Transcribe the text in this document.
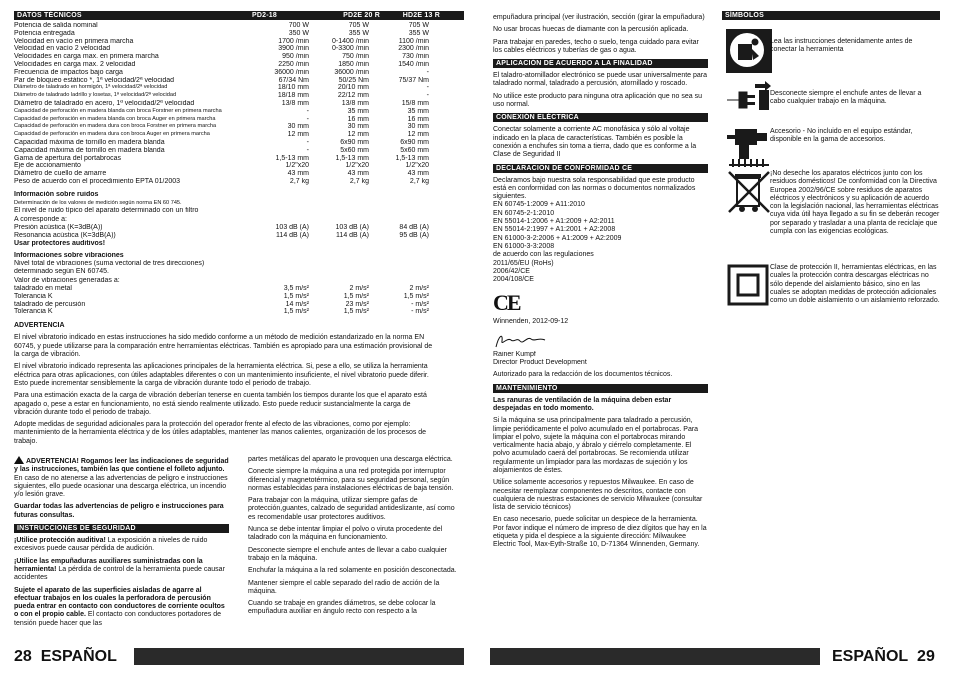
DATOS TÉCNICOS	PD2-18	PD2E 20 R	HD2E 13 R
Potencia de salida nominal	700 W	705 W	705 W
Potencia entregada	350 W	355 W	355 W
Velocidad en vacío en primera marcha	1700 /min	0-1400 /min	1100 /min
Velocidad en vacío 2 velocidad	3900 /min	0-3300 /min	2300 /min
Velocidades en carga max. en primera marcha	950 /min	750 /min	730 /min
Velocidades en carga max. 2 velocidad	2250 /min	1850 /min	1540 /min
Frecuencia de impactos bajo carga	36000 /min	36000 /min	-
Par de bloqueo estático *, 1ª velocidad/2ª velocidad	67/34 Nm	50/25 Nm	75/37 Nm
Diámetro de taladrado en hormigón, 1ª velocidad/2ª velocidad	18/10 mm	20/10 mm	-
Diámetro de taladrado ladrillo y losetas, 1ª velocidad/2ª velocidad	18/18 mm	22/12 mm	-
Diámetro de taladrado en acero, 1ª velocidad/2ª velocidad	13/8 mm	13/8 mm	15/8 mm
Capacidad de perforación en madera blanda con broca Forstner en primera marcha	-	35 mm	35 mm
Capacidad de perforación en madera blanda con broca Auger en primera marcha	-	16 mm	16 mm
Capacidad de perforación en madera dura con broca Forstner en primera marcha	30 mm	30 mm	30 mm
Capacidad de perforación en madera dura con broca Auger en primera marcha	12 mm	12 mm	12 mm
Capacidad máxima de tornillo en madera blanda	-	6x90 mm	6x90 mm
Capacidad máxima de tornillo en madera blanda	-	5x60 mm	5x60 mm
Gama de apertura del portabrocas	1,5-13 mm	1,5-13 mm	1,5-13 mm
Eje de accionamiento	1/2"x20	1/2"x20	1/2"x20
Diámetro de cuello de amarre	43 mm	43 mm	43 mm
Peso de acuerdo con el procedimiento EPTA 01/2003	2,7 kg	2,7 kg	2,7 kg
Información sobre ruidos
Determinación de los valores de medición según norma EN 60 745.
El nivel de ruido típico del aparato determinado con un filtro
A corresponde a:
Presión acústica (K=3dB(A))	103 dB (A)	103 dB (A)	84 dB (A)
Resonancia acústica (K=3dB(A))	114 dB (A)	114 dB (A)	95 dB (A)
Usar protectores auditivos!
Informaciones sobre vibraciones
Nivel total de vibraciones (suma vectorial de tres direcciones)
determinado según EN 60745.
Valor de vibraciones generadas a:
taladrado en metal	3,5 m/s²	2 m/s²	2 m/s²
Tolerancia K	1,5 m/s²	1,5 m/s²	1,5 m/s²
taladrado de percusión	14 m/s²	23 m/s²	- m/s²
Tolerancia K	1,5 m/s²	1,5 m/s²	- m/s²
ADVERTENCIA

El nivel vibratorio indicado en estas instrucciones ha sido medido conforme a un método de medición estandarizado en la norma EN 60745, y puede utilizarse para la comparación entre herramientas eléctricas. También es apropiado para una estimación provisional de la carga de vibración.

El nivel vibratorio indicado representa las aplicaciones principales de la herramienta eléctrica. Si, pese a ello, se utiliza la herramienta eléctrica para otras aplicaciones, con útiles adaptables diferentes o con un mantenimiento insuficiente, el nivel vibratorio puede diferir. Esto puede incrementar sensiblemente la carga de vibración durante todo el periodo de trabajo.

Para una estimación exacta de la carga de vibración deberían tenerse en cuenta también los tiempos durante los que el aparato está apagado o, pese a estar en funcionamiento, no está siendo realmente utilizado. Esto puede reducir sustancialmente la carga de vibración durante todo el periodo de trabajo.

Adopte medidas de seguridad adicionales para la protección del operador frente al efecto de las vibraciones, como por ejemplo: mantenimiento de la herramienta eléctrica y de los útiles adaptables, mantener las manos calientes, organización de los procesos de trabajo.

ADVERTENCIA! Rogamos leer las indicaciones de seguridad y las instrucciones, también las que contiene el folleto adjunto. En caso de no atenerse a las advertencias de peligro e instrucciones siguientes, ello puede ocasionar una descarga eléctrica, un incendio y/o lesión grave.

Guardar todas las advertencias de peligro e instrucciones para futuras consultas.

INSTRUCCIONES DE SEGURIDAD

¡Utilice protección auditiva! La exposición a niveles de ruido excesivos puede causar pérdida de audición.

¡Utilice las empuñaduras auxiliares suministradas con la herramienta! La pérdida de control de la herramienta puede causar accidentes

Sujete el aparato de las superficies aisladas de agarre al efectuar trabajos en los cuales la perforadora de percusión pueda entrar en contacto con conductores de corriente ocultos o con el propio cable. El contacto con conductores portadores de tensión puede hacer que las

partes metálicas del aparato le provoquen una descarga eléctrica.

Conecte siempre la máquina a una red protegida por interruptor diferencial y magnetotérmico, para su seguridad personal, según normas establecidas para instalaciones eléctricas de baja tensión.

Para trabajar con la máquina, utilizar siempre gafas de protección,guantes, calzado de seguridad antideslizante, así como es recomendable usar protectores auditivos.

Nunca se debe intentar limpiar el polvo o viruta procedente del taladrado con la máquina en funcionamiento.

Desconecte siempre el enchufe antes de llevar a cabo cualquier trabajo en la máquina.

Enchufar la máquina a la red solamente en posición desconectada.

Mantener siempre el cable separado del radio de acción de la máquina.

Cuando se trabaje en grandes diámetros, se debe colocar la empuñadura auxiliar en ángulo recto con respecto a la

28 ESPAÑOL

empuñadura principal (ver ilustración, sección (girar la empuñadura)

No usar brocas huecas de diamante con la percusión aplicada.

Para trabajar en paredes, techo o suelo, tenga cuidado para evitar los cables eléctricos y tuberías de gas o agua.

APLICACIÓN DE ACUERDO A LA FINALIDAD

El taladro-atornillador electrónico se puede usar universalmente para taladrado normal, taladrado a percusión, atornillado y roscado.

No utilice este producto para ninguna otra aplicación que no sea su uso normal.

CONEXIÓN ELÉCTRICA

Conectar solamente a corriente AC monofásica y sólo al voltaje indicado en la placa de características. También es posible la conexión a enchufes sin toma a tierra, dado que es conforme a la Clase de Seguridad II

DECLARACION DE CONFORMIDAD CE
Declaramos bajo nuestra sola responsabilidad que este producto está en conformidad con las normas o documentos normalizados siguientes.
EN 60745-1:2009 + A11:2010
EN 60745-2-1:2010
EN 55014-1:2006 + A1:2009 + A2:2011
EN 55014-2:1997 + A1:2001 + A2:2008
EN 61000-3-2:2006 + A1:2009 + A2:2009
EN 61000-3-3:2008
de acuerdo con las regulaciones
2011/65/EU (RoHs)
2006/42/CE
2004/108/CE
CE

Winnenden, 2012-09-12

Rainer Kumpf
Director Product Development

Autorizado para la redacción de los documentos técnicos.

MANTENIMIENTO

Las ranuras de ventilación de la máquina deben estar despejadas en todo momento.

Si la máquina se usa principalmente para taladrado a percusión, limpie periódicamente el polvo acumulado en el portabrocas. Para limpiar el polvo, sujete la máquina con el portabrocas mirando verticalmente hacia abajo, y ábralo y ciérrelo completamente. El polvo acumulado caerá del portabrocas. Se recomienda utilizar regularmente un limpiador para las mordazas de sujeción y los alojamientos de éstes.

Utilice solamente accesorios y repuestos Milwaukee. En caso de necesitar reemplazar componentes no descritos, contacte con cualquiera de nuestras estaciones de servicio Milwaukee (consultar lista de servicio técnicos)

En caso necesario, puede solicitar un despiece de la herramienta. Por favor indique el número de impreso de diez dígitos que hay en la etiqueta y pida el despiece a la siguiente dirección: Milwaukee Electric Tool, Max-Eyth-Straße 10, D-71364 Winnenden, Germany.

SÍMBOLOS
Lea las instrucciones detenidamente antes de conectar la herramienta
Desconecte siempre el enchufe antes de llevar a cabo cualquier trabajo en la máquina.
Accesorio - No incluido en el equipo estándar, disponible en la gama de accesorios.
¡No deseche los aparatos eléctricos junto con los residuos domésticos! De conformidad con la Directiva Europea 2002/96/CE sobre residuos de aparatos eléctricos y electrónicos y su aplicación de acuerdo con la legislación nacional, las herramientas eléctricas cuya vida útil haya llegado a su fin se deberán recoger por separado y trasladar a una planta de reciclaje que cumpla con las exigencias ecológicas.
Clase de protección II, herramientas eléctricas, en las cuales la protección contra descargas eléctricas no sólo depende del aislamiento básico, sino en las cuales se adoptan medidas de protección adicionales como un doble aislamiento o un aislamiento reforzado.
ESPAÑOL 29
